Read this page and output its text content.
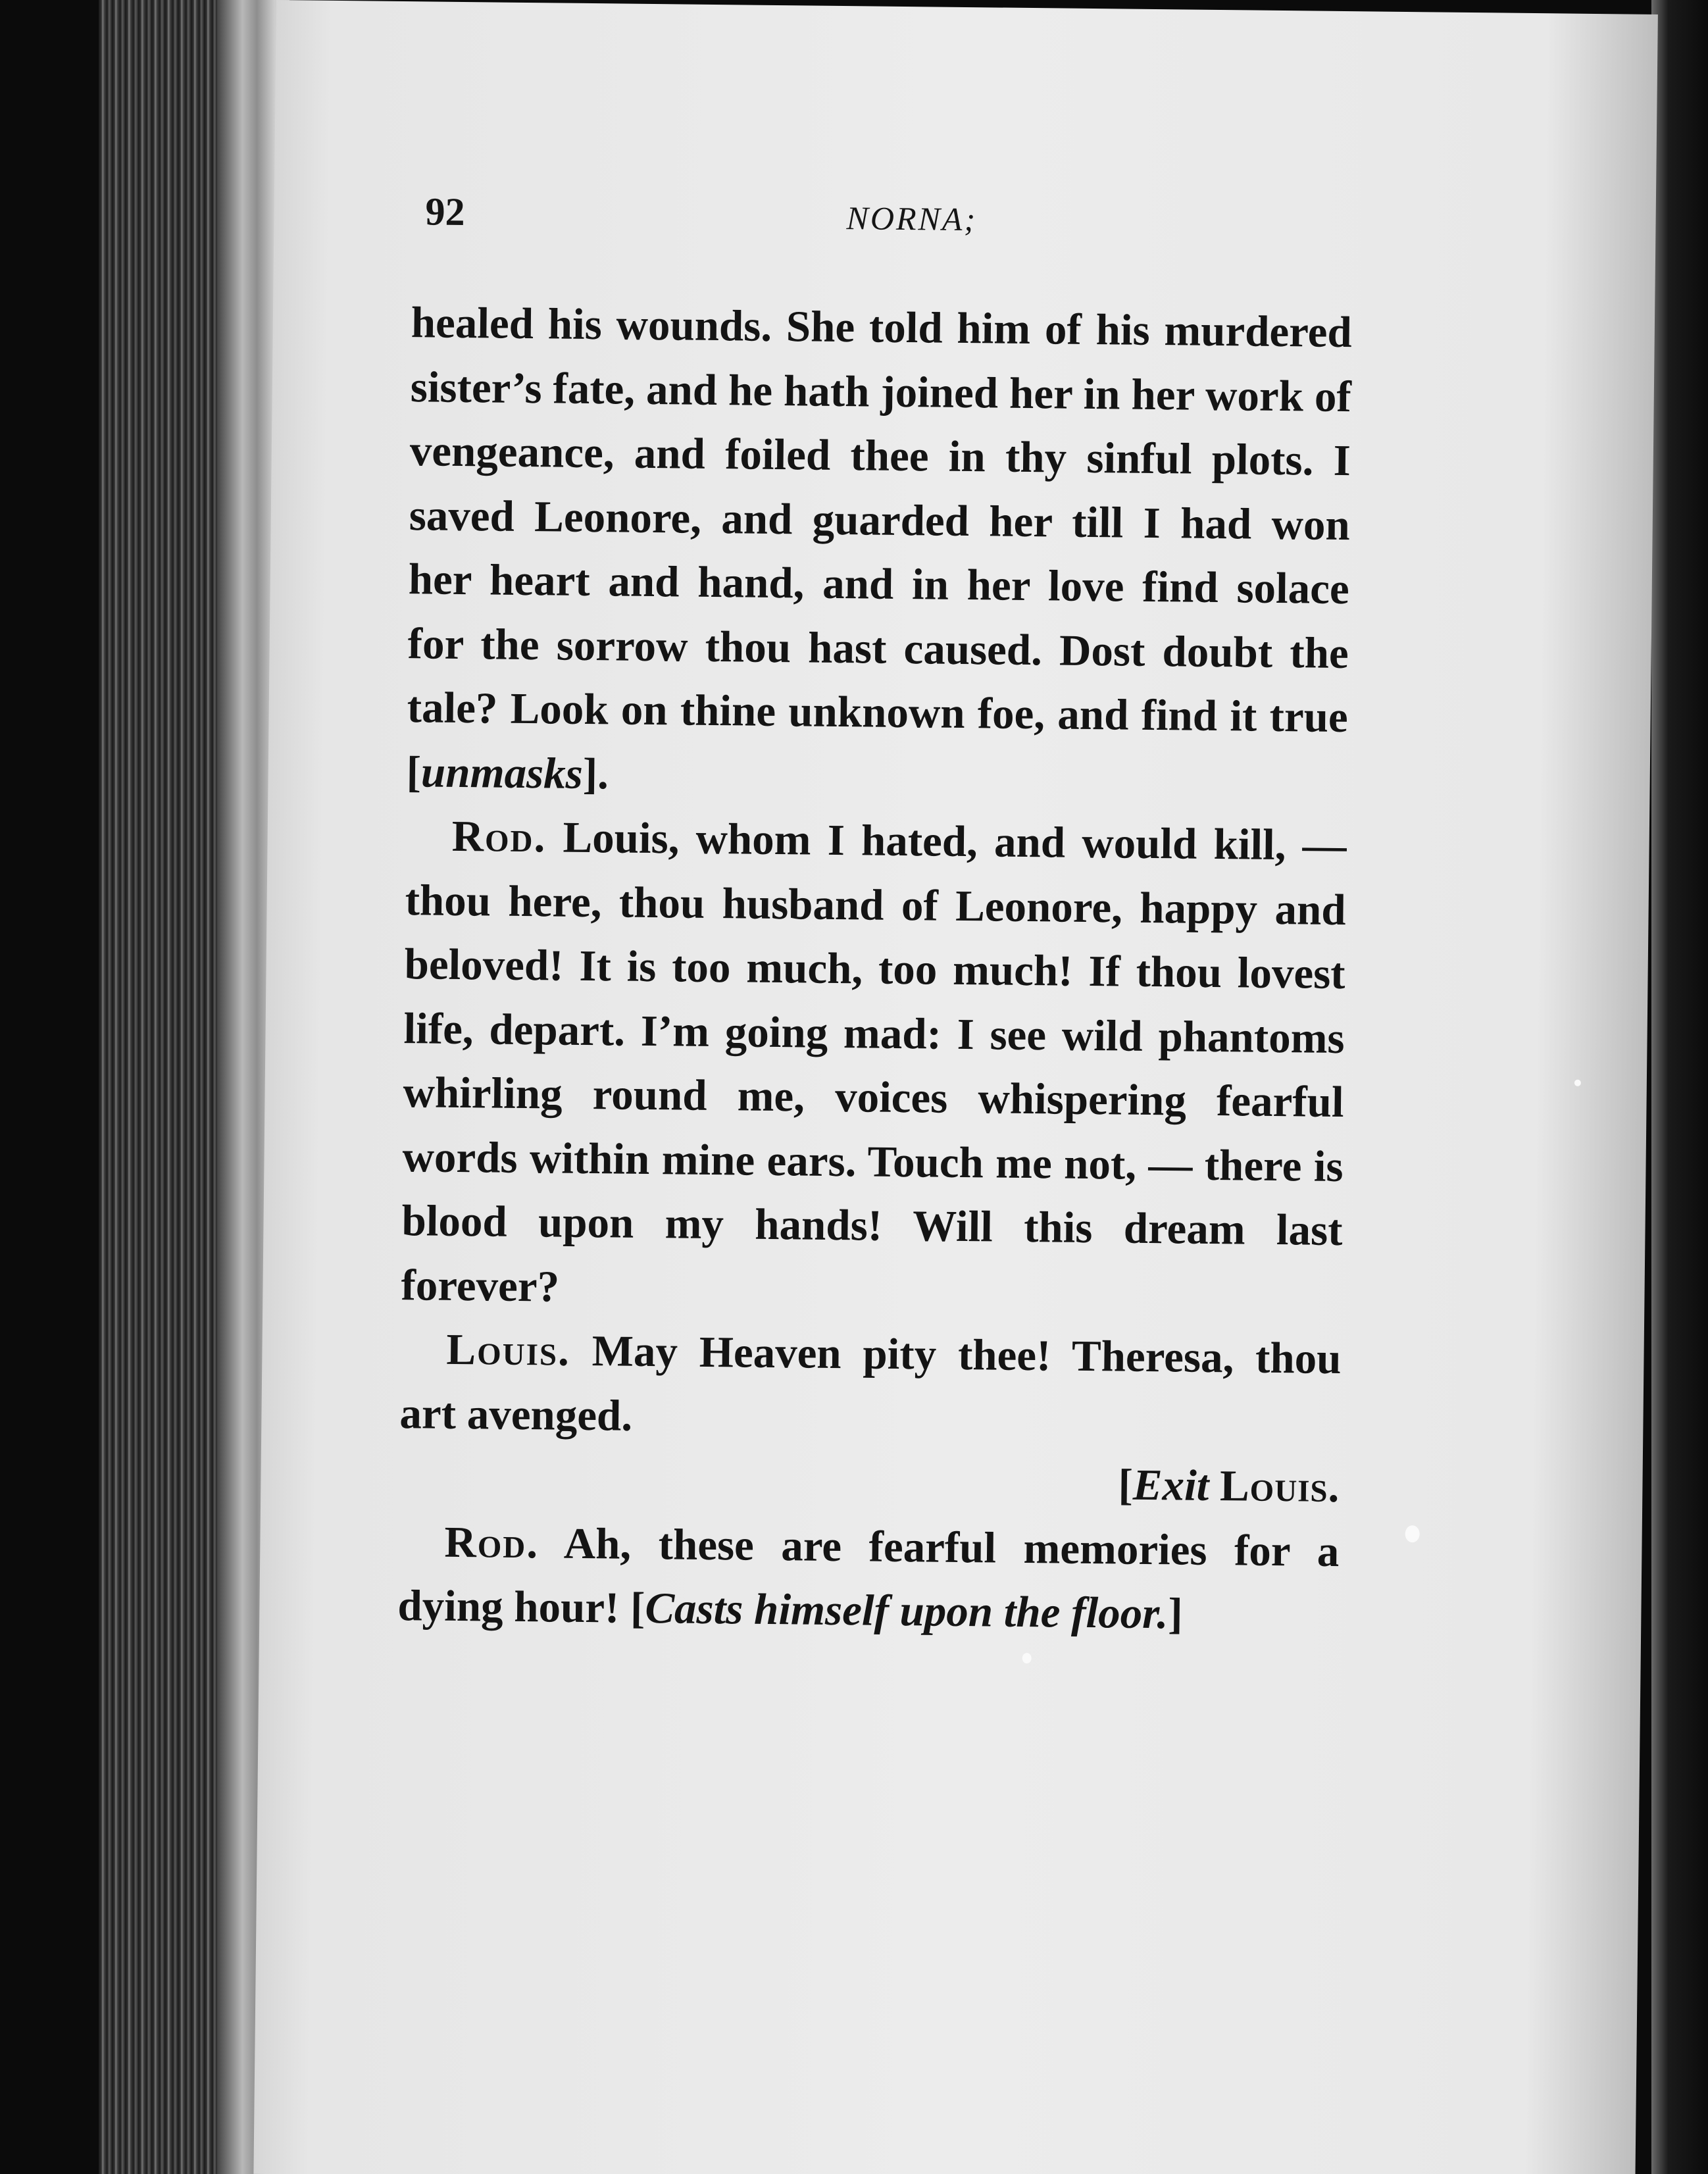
92	NORNA;

healed his wounds. She told him of his murdered sister’s fate, and he hath joined her in her work of vengeance, and foiled thee in thy sinful plots. I saved Leonore, and guarded her till I had won her heart and hand, and in her love find solace for the sorrow thou hast caused. Dost doubt the tale? Look on thine unknown foe, and find it true [unmasks].

Rod. Louis, whom I hated, and would kill, — thou here, thou husband of Leonore, happy and beloved! It is too much, too much! If thou lovest life, depart. I’m going mad: I see wild phantoms whirling round me, voices whispering fearful words within mine ears. Touch me not, — there is blood upon my hands! Will this dream last forever?

Louis. May Heaven pity thee! Theresa, thou art avenged.

[Exit Louis.

Rod. Ah, these are fearful memories for a dying hour! [Casts himself upon the floor.]
